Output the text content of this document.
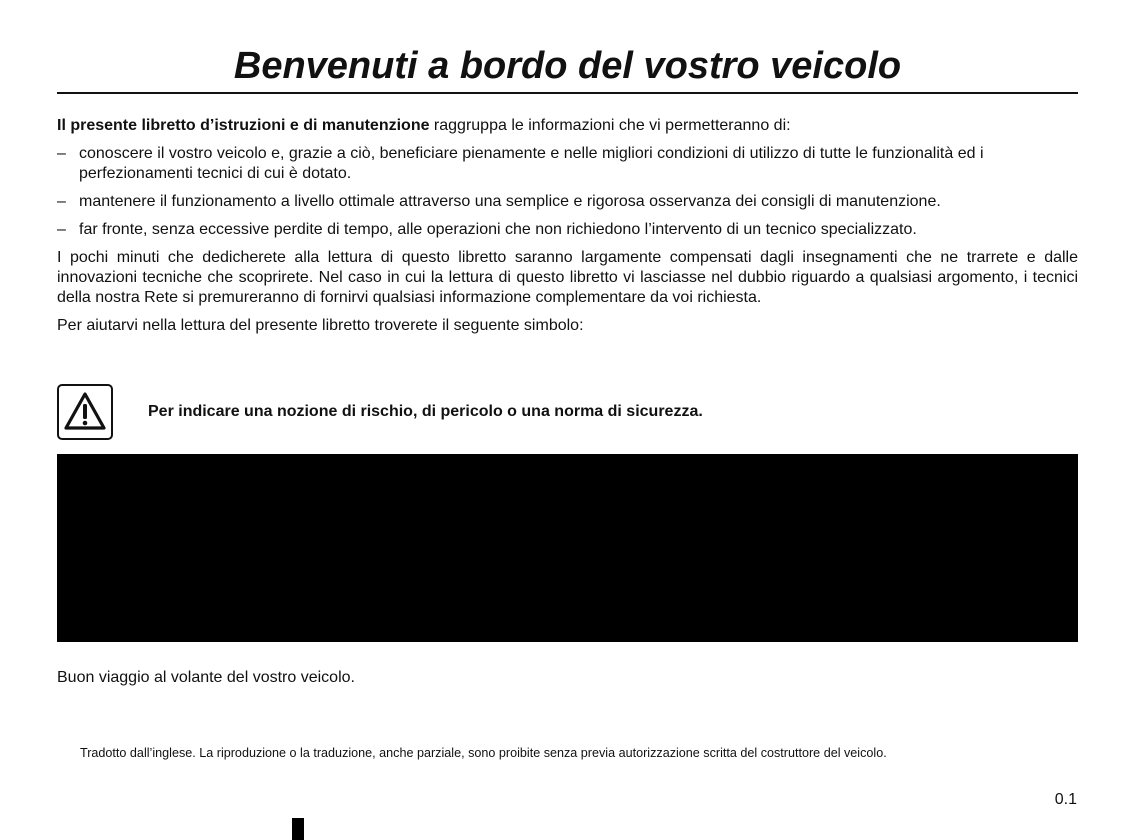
Benvenuti a bordo del vostro veicolo

Il presente libretto d’istruzioni e di manutenzione raggruppa le informazioni che vi permetteranno di:

– conoscere il vostro veicolo e, grazie a ciò, beneficiare pienamente e nelle migliori condizioni di utilizzo di tutte le funzionalità ed i perfezionamenti tecnici di cui è dotato.
– mantenere il funzionamento a livello ottimale attraverso una semplice e rigorosa osservanza dei consigli di manutenzione.
– far fronte, senza eccessive perdite di tempo, alle operazioni che non richiedono l’intervento di un tecnico specializzato.

I pochi minuti che dedicherete alla lettura di questo libretto saranno largamente compensati dagli insegnamenti che ne trarrete e dalle innovazioni tecniche che scoprirete. Nel caso in cui la lettura di questo libretto vi lasciasse nel dubbio riguardo a qualsiasi argomento, i tecnici della nostra Rete si premureranno di fornirvi qualsiasi informazione complementare da voi richiesta.

Per aiutarvi nella lettura del presente libretto troverete il seguente simbolo:

Per indicare una nozione di rischio, di pericolo o una norma di sicurezza.
Buon viaggio al volante del vostro veicolo.
Tradotto dall’inglese. La riproduzione o la traduzione, anche parziale, sono proibite senza previa autorizzazione scritta del costruttore del veicolo.
0.1
